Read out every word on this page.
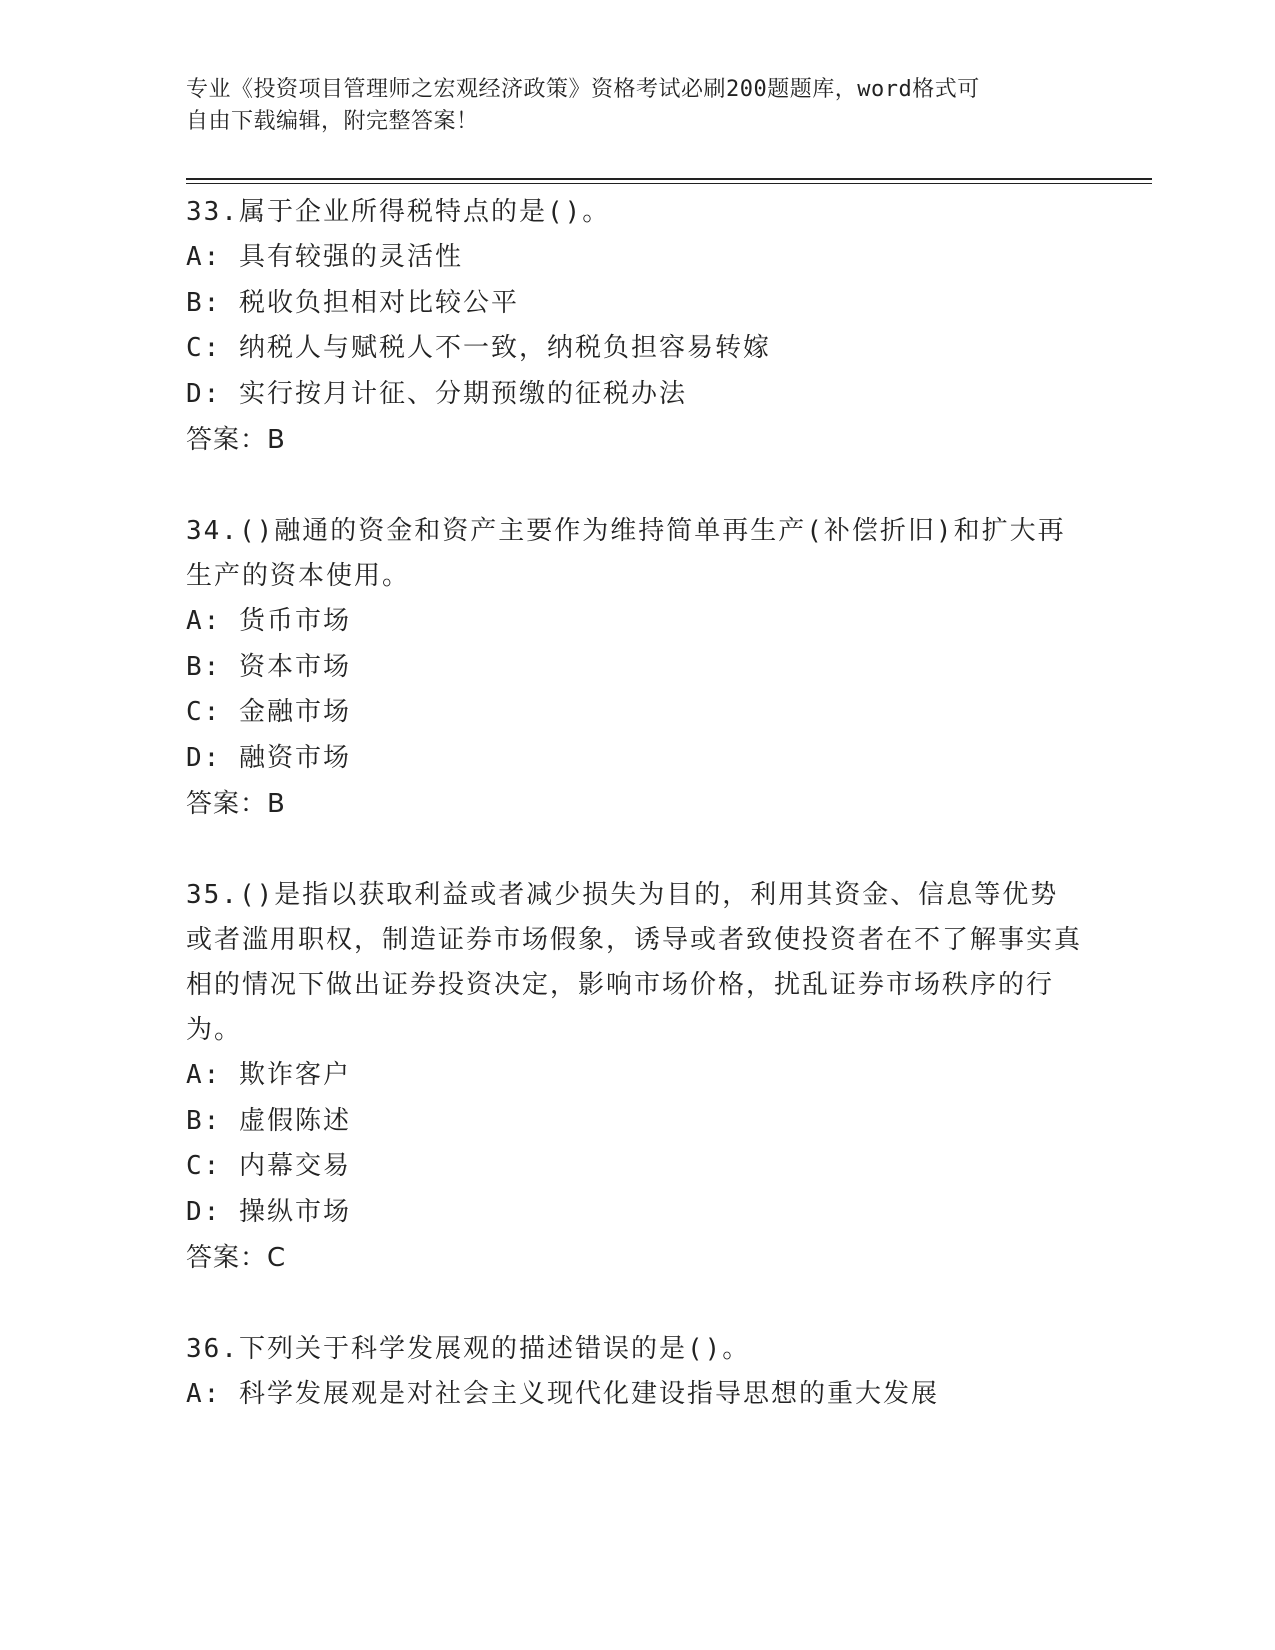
专业《投资项目管理师之宏观经济政策》资格考试必刷200题题库，word格式可
自由下载编辑，附完整答案！

33.属于企业所得税特点的是()。

A: 具有较强的灵活性
B: 税收负担相对比较公平
C: 纳税人与赋税人不一致，纳税负担容易转嫁
D: 实行按月计征、分期预缴的征税办法
答案：B

34.()融通的资金和资产主要作为维持简单再生产(补偿折旧)和扩大再生产的资本使用。

A: 货币市场
B: 资本市场
C: 金融市场
D: 融资市场
答案：B

35.()是指以获取利益或者减少损失为目的，利用其资金、信息等优势或者滥用职权，制造证券市场假象，诱导或者致使投资者在不了解事实真相的情况下做出证券投资决定，影响市场价格，扰乱证券市场秩序的行为。

A: 欺诈客户
B: 虚假陈述
C: 内幕交易
D: 操纵市场
答案：C

36.下列关于科学发展观的描述错误的是()。

A: 科学发展观是对社会主义现代化建设指导思想的重大发展
